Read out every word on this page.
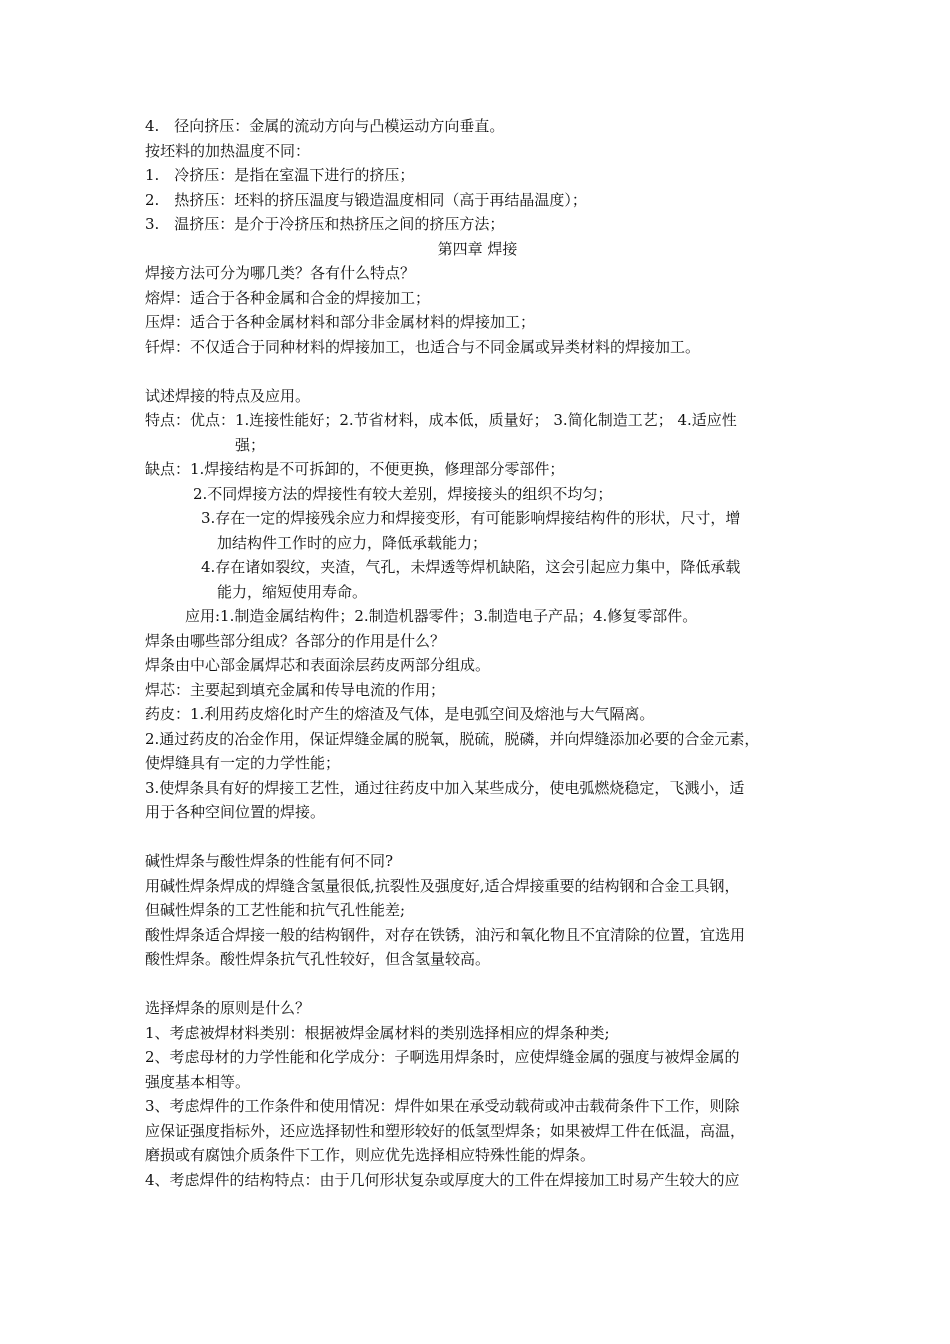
4.　径向挤压：金属的流动方向与凸模运动方向垂直。
按坯料的加热温度不同：
1.　冷挤压：是指在室温下进行的挤压；
2.　热挤压：坯料的挤压温度与锻造温度相同（高于再结晶温度）；
3.　温挤压：是介于冷挤压和热挤压之间的挤压方法；
第四章 焊接
焊接方法可分为哪几类？各有什么特点？
熔焊：适合于各种金属和合金的焊接加工；
压焊：适合于各种金属材料和部分非金属材料的焊接加工；
钎焊：不仅适合于同种材料的焊接加工，也适合与不同金属或异类材料的焊接加工。
试述焊接的特点及应用。
特点：优点：1.连接性能好；2.节省材料，成本低，质量好； 3.简化制造工艺； 4.适应性
强；
缺点：1.焊接结构是不可拆卸的，不便更换，修理部分零部件；
2.不同焊接方法的焊接性有较大差别，焊接接头的组织不均匀；
3.存在一定的焊接残余应力和焊接变形，有可能影响焊接结构件的形状，尺寸，增
加结构件工作时的应力，降低承载能力；
4.存在诸如裂纹，夹渣，气孔，未焊透等焊机缺陷，这会引起应力集中，降低承载
能力，缩短使用寿命。
应用:1.制造金属结构件；2.制造机器零件；3.制造电子产品；4.修复零部件。
焊条由哪些部分组成？各部分的作用是什么？
焊条由中心部金属焊芯和表面涂层药皮两部分组成。
焊芯：主要起到填充金属和传导电流的作用；
药皮：1.利用药皮熔化时产生的熔渣及气体，是电弧空间及熔池与大气隔离。
2.通过药皮的冶金作用，保证焊缝金属的脱氧，脱硫，脱磷，并向焊缝添加必要的合金元素，
使焊缝具有一定的力学性能；
3.使焊条具有好的焊接工艺性，通过往药皮中加入某些成分，使电弧燃烧稳定，飞溅小，适
用于各种空间位置的焊接。
碱性焊条与酸性焊条的性能有何不同?
用碱性焊条焊成的焊缝含氢量很低,抗裂性及强度好,适合焊接重要的结构钢和合金工具钢，
但碱性焊条的工艺性能和抗气孔性能差;
酸性焊条适合焊接一般的结构钢件，对存在铁锈，油污和氧化物且不宜清除的位置，宜选用
酸性焊条。酸性焊条抗气孔性较好，但含氢量较高。
选择焊条的原则是什么？
1、考虑被焊材料类别：根据被焊金属材料的类别选择相应的焊条种类;
2、考虑母材的力学性能和化学成分：子啊选用焊条时，应使焊缝金属的强度与被焊金属的
强度基本相等。
3、考虑焊件的工作条件和使用情况：焊件如果在承受动载荷或冲击载荷条件下工作，则除
应保证强度指标外，还应选择韧性和塑形较好的低氢型焊条；如果被焊工件在低温，高温，
磨损或有腐蚀介质条件下工作，则应优先选择相应特殊性能的焊条。
4、考虑焊件的结构特点：由于几何形状复杂或厚度大的工件在焊接加工时易产生较大的应
